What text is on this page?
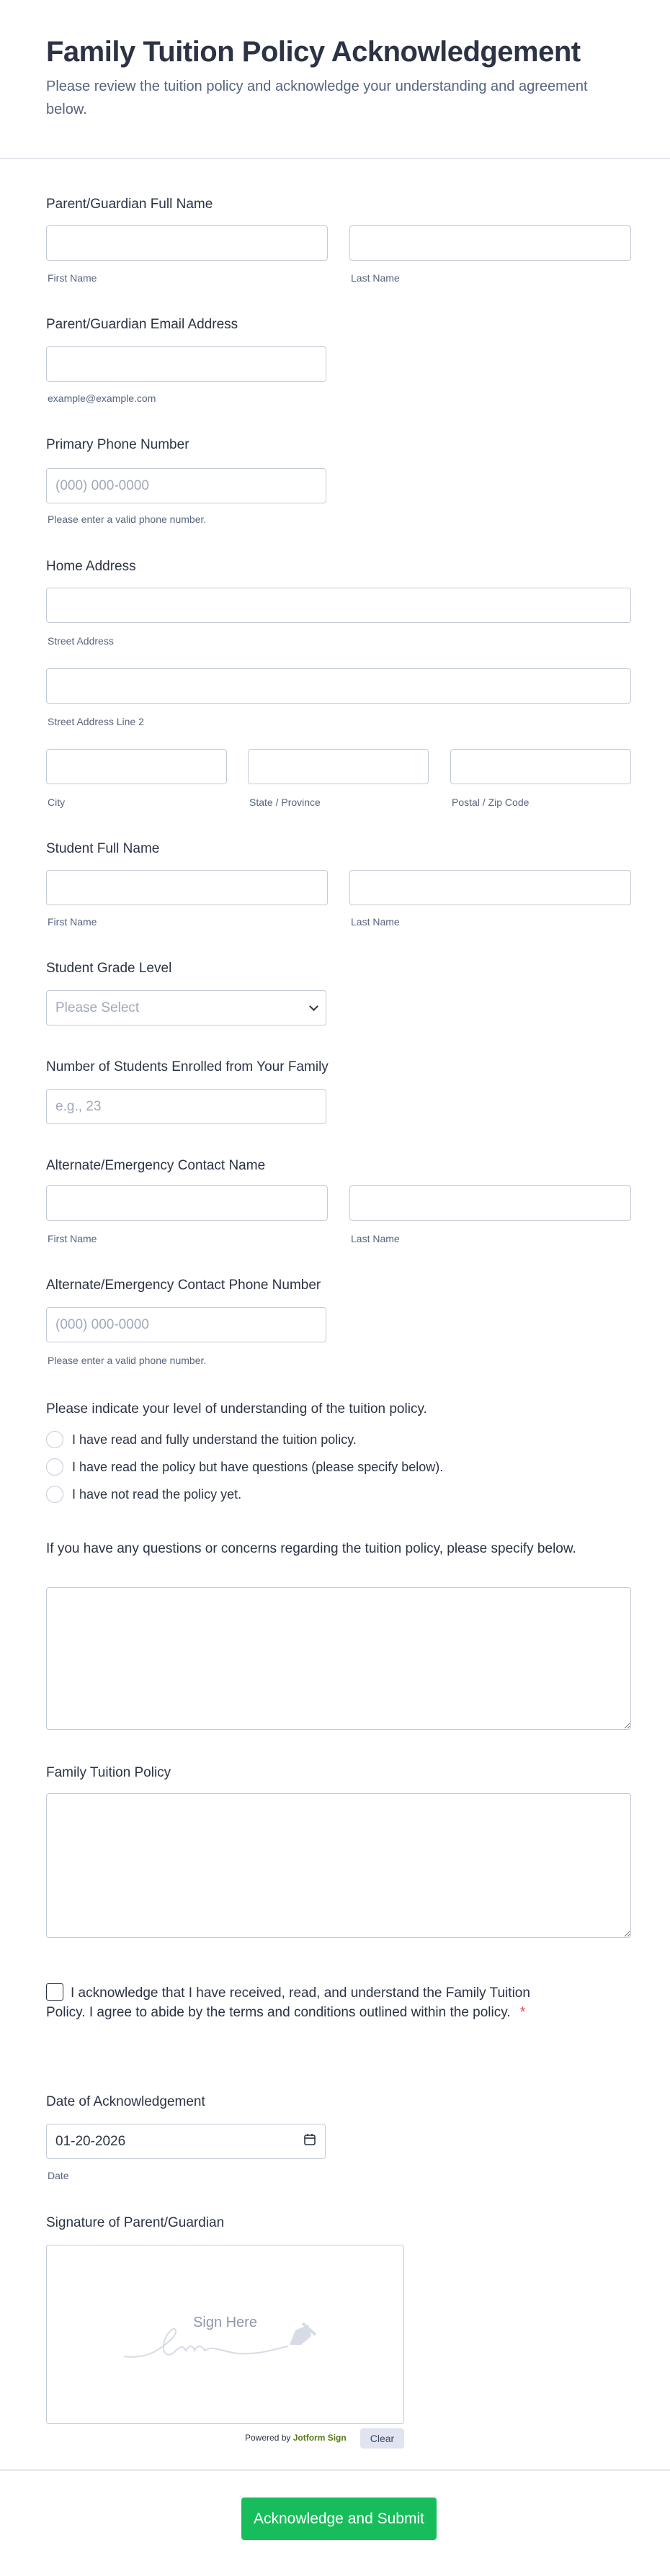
Family Tuition Policy Acknowledgement
Please review the tuition policy and acknowledge your understanding and agreement below.
Parent/Guardian Full Name
First Name	Last Name
Parent/Guardian Email Address
example@example.com
Primary Phone Number
(000) 000-0000
Please enter a valid phone number.
Home Address
Street Address
Street Address Line 2
City	State / Province	Postal / Zip Code
Student Full Name
First Name	Last Name
Student Grade Level
Please Select
Number of Students Enrolled from Your Family
e.g., 23
Alternate/Emergency Contact Name
First Name	Last Name
Alternate/Emergency Contact Phone Number
(000) 000-0000
Please enter a valid phone number.
Please indicate your level of understanding of the tuition policy.
I have read and fully understand the tuition policy.
I have read the policy but have questions (please specify below).
I have not read the policy yet.
If you have any questions or concerns regarding the tuition policy, please specify below.
Family Tuition Policy
I acknowledge that I have received, read, and understand the Family Tuition Policy. I agree to abide by the terms and conditions outlined within the policy. *
Date of Acknowledgement
01-20-2026
Date
Signature of Parent/Guardian
Sign Here
Powered by Jotform Sign	Clear
Acknowledge and Submit
